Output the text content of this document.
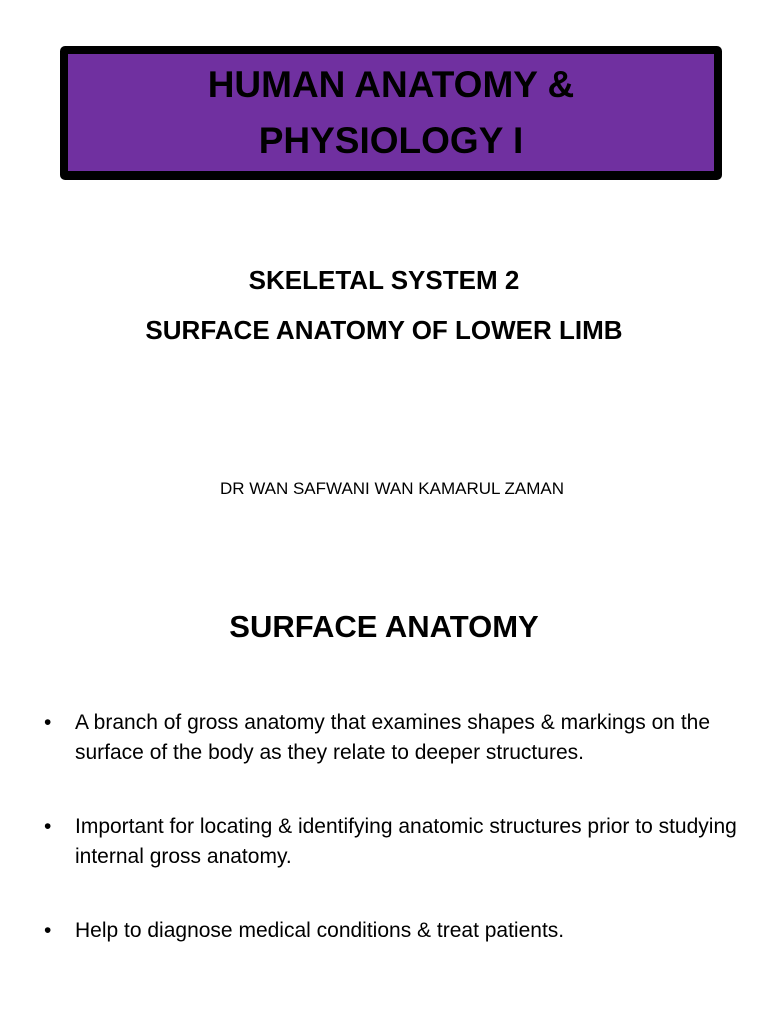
HUMAN ANATOMY &
PHYSIOLOGY I
SKELETAL SYSTEM 2
SURFACE ANATOMY OF LOWER LIMB
DR WAN SAFWANI WAN KAMARUL ZAMAN
SURFACE ANATOMY
• A branch of gross anatomy that examines shapes & markings on the surface of the body as they relate to deeper structures.
• Important for locating & identifying anatomic structures prior to studying internal gross anatomy.
• Help to diagnose medical conditions & treat patients.
